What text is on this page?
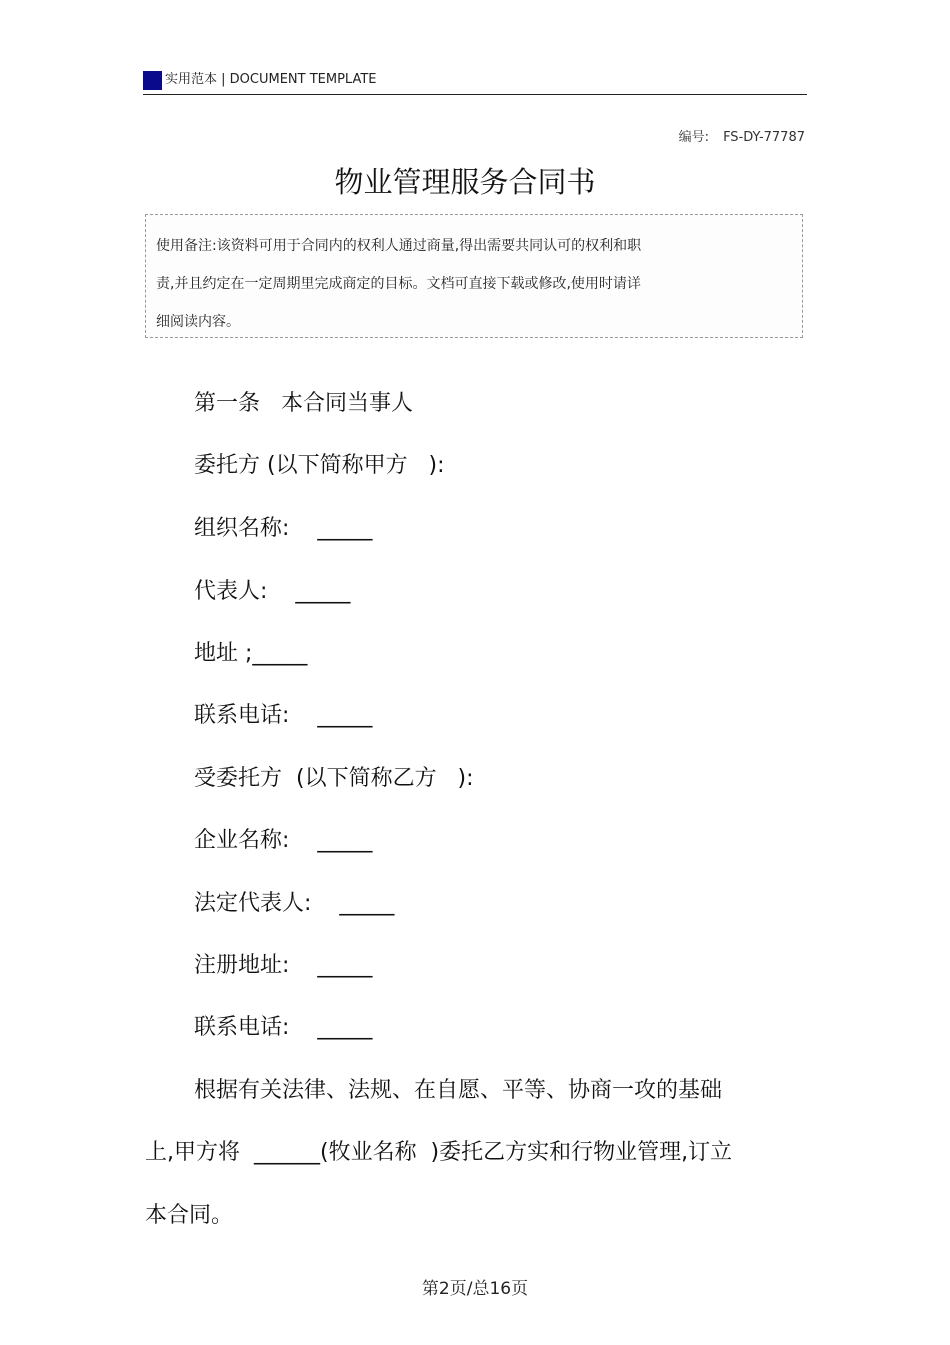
实用范本 | DOCUMENT TEMPLATE
编号: FS-DY-77787
物业管理服务合同书
使用备注:该资料可用于合同内的权利人通过商量,得出需要共同认可的权利和职
责,并且约定在一定周期里完成商定的目标。文档可直接下载或修改,使用时请详
细阅读内容。
第一条   本合同当事人
委托方 (以下简称甲方   ):
组织名称:    _____
代表人:    _____
地址 ;_____
联系电话:    _____
受委托方  (以下简称乙方   ):
企业名称:    _____
法定代表人:    _____
注册地址:    _____
联系电话:    _____
根据有关法律、法规、在自愿、平等、协商一攻的基础
上,甲方将  ______(牧业名称  )委托乙方实和行物业管理,订立
本合同。
第2页/总16页
